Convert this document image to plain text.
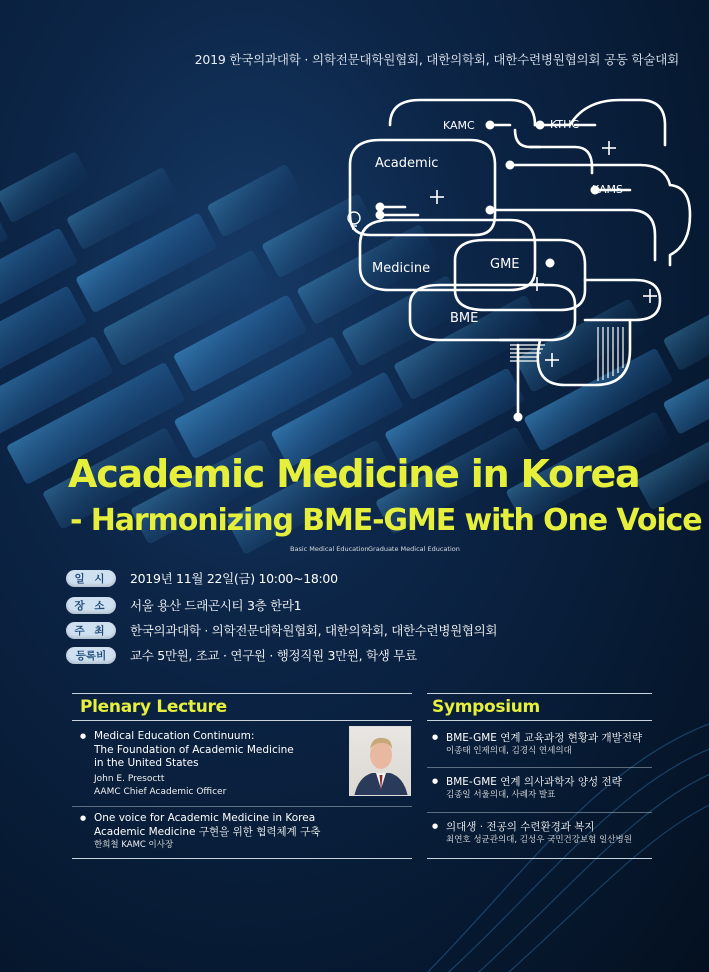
2019 한국의과대학 · 의학전문대학원협회, 대한의학회, 대한수련병원협의회 공동 학술대회
KAMC	KTHC
Academic
KAMS
Medicine	GME
BME
Academic Medicine in Korea
- Harmonizing BME-GME with One Voice
Basic Medical Education Graduate Medical Education
일 시	2019년 11월 22일(금) 10:00~18:00
장 소	서울 용산 드래곤시티 3층 한라1
주 최	한국의과대학 · 의학전문대학원협회, 대한의학회, 대한수련병원협의회
등록비	교수 5만원, 조교 · 연구원 · 행정직원 3만원, 학생 무료
Plenary Lecture
● Medical Education Continuum:
The Foundation of Academic Medicine
in the United States
John E. Presoctt
AAMC Chief Academic Officer
● One voice for Academic Medicine in Korea
Academic Medicine 구현을 위한 협력체계 구축
한희철 KAMC 이사장
Symposium
● BME-GME 연계 교육과정 현황과 개발전략
이종태 인제의대, 김경식 연세의대
● BME-GME 연계 의사과학자 양성 전략
김종일 서울의대, 사례자 발표
● 의대생 · 전공의 수련환경과 복지
최연호 성균관의대, 김성우 국민건강보험 일산병원
